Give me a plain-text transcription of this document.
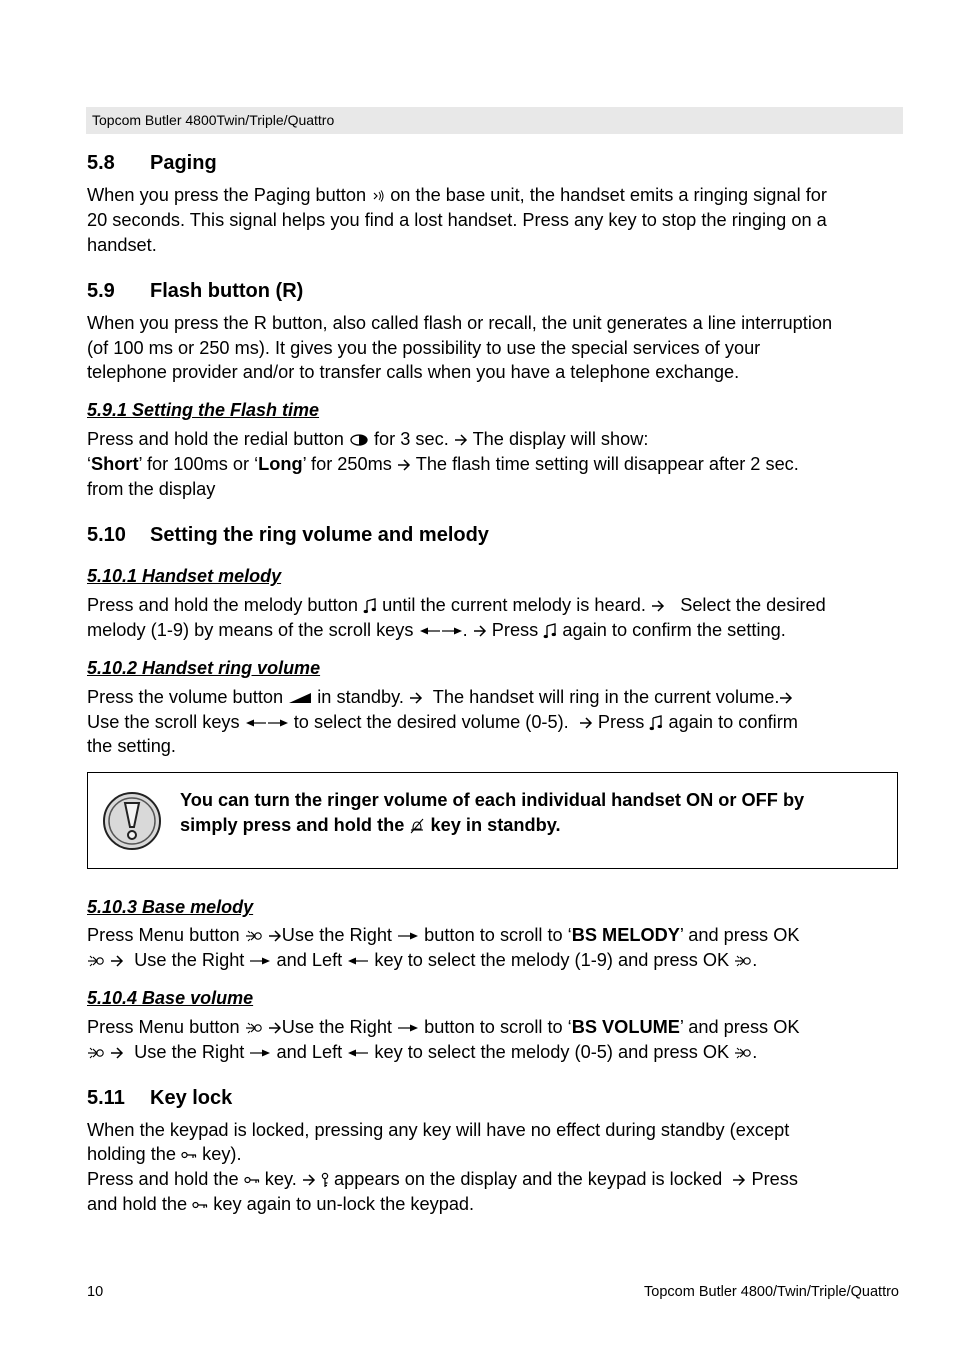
Topcom Butler 4800Twin/Triple/Quattro
5.8 Paging
When you press the Paging button on the base unit, the handset emits a ringing signal for
20 seconds. This signal helps you find a lost handset. Press any key to stop the ringing on a
handset.
5.9 Flash button (R)
When you press the R button, also called flash or recall, the unit generates a line interruption
(of 100 ms or 250 ms). It gives you the possibility to use the special services of your
telephone provider and/or to transfer calls when you have a telephone exchange.
5.9.1 Setting the Flash time
Press and hold the redial button for 3 sec. The display will show:
‘Short’ for 100ms or ‘Long’ for 250ms The flash time setting will disappear after 2 sec.
from the display
5.10 Setting the ring volume and melody
5.10.1 Handset melody
Press and hold the melody button until the current melody is heard. Select the desired
melody (1-9) by means of the scroll keys	. Press again to confirm the setting.
5.10.2 Handset ring volume
Press the volume button in standby. The handset will ring in the current volume.
Use the scroll keys	to select the desired volume (0-5). Press again to confirm
the setting.
You can turn the ringer volume of each individual handset ON or OFF by
simply press and hold the key in standby.
5.10.3 Base melody
Press Menu button Use the Right button to scroll to ‘BS MELODY’ and press OK
Use the Right and Left key to select the melody (1-9) and press OK .
5.10.4 Base volume
Press Menu button Use the Right button to scroll to ‘BS VOLUME’ and press OK
Use the Right and Left key to select the melody (0-5) and press OK .
5.11 Key lock
When the keypad is locked, pressing any key will have no effect during standby (except
holding the key).
Press and hold the key. appears on the display and the keypad is locked Press
and hold the key again to un-lock the keypad.
10	Topcom Butler 4800/Twin/Triple/Quattro
